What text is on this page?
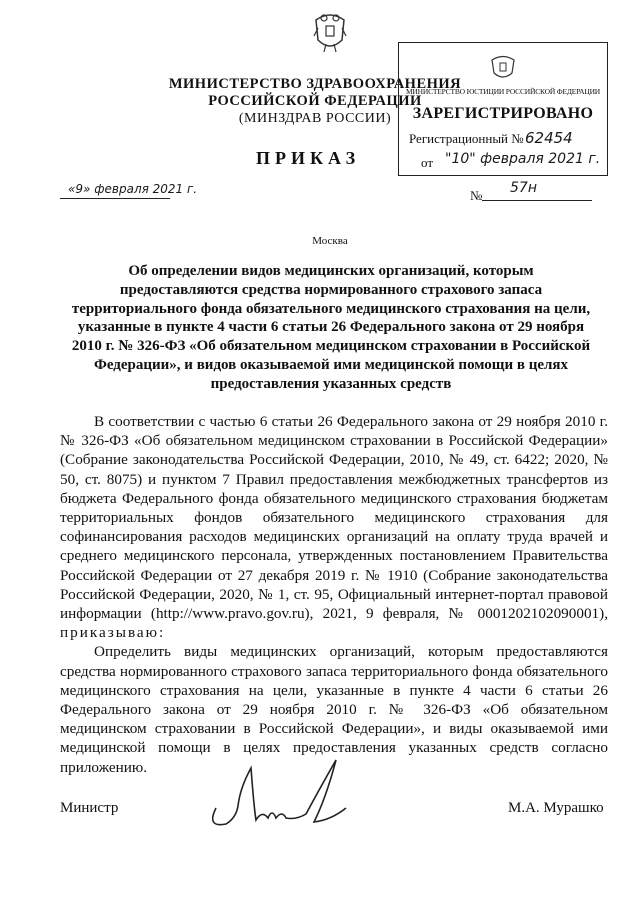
МИНИСТЕРСТВО ЗДРАВООХРАНЕНИЯ
РОССИЙСКОЙ ФЕДЕРАЦИИ
(МИНЗДРАВ РОССИИ)
МИНИСТЕРСТВО ЮСТИЦИИ РОССИЙСКОЙ ФЕДЕРАЦИИ
ЗАРЕГИСТРИРОВАНО
Регистрационный № 62454
от "10" февраля 2021 г.
ПРИКАЗ
«9» февраля 2021 г.	№ 57н
Москва
Об определении видов медицинских организаций, которым предоставляются средства нормированного страхового запаса территориального фонда обязательного медицинского страхования на цели, указанные в пункте 4 части 6 статьи 26 Федерального закона от 29 ноября 2010 г. № 326-ФЗ «Об обязательном медицинском страховании в Российской Федерации», и видов оказываемой ими медицинской помощи в целях предоставления указанных средств

В соответствии с частью 6 статьи 26 Федерального закона от 29 ноября 2010 г. № 326-ФЗ «Об обязательном медицинском страховании в Российской Федерации» (Собрание законодательства Российской Федерации, 2010, № 49, ст. 6422; 2020, № 50, ст. 8075) и пунктом 7 Правил предоставления межбюджетных трансфертов из бюджета Федерального фонда обязательного медицинского страхования бюджетам территориальных фондов обязательного медицинского страхования для софинансирования расходов медицинских организаций на оплату труда врачей и среднего медицинского персонала, утвержденных постановлением Правительства Российской Федерации от 27 декабря 2019 г. № 1910 (Собрание законодательства Российской Федерации, 2020, № 1, ст. 95, Официальный интернет-портал правовой информации (http://www.pravo.gov.ru), 2021, 9 февраля, № 0001202102090001), приказываю:

Определить виды медицинских организаций, которым предоставляются средства нормированного страхового запаса территориального фонда обязательного медицинского страхования на цели, указанные в пункте 4 части 6 статьи 26 Федерального закона от 29 ноября 2010 г. № 326-ФЗ «Об обязательном медицинском страховании в Российской Федерации», и виды оказываемой ими медицинской помощи в целях предоставления указанных средств согласно приложению.

Министр	М.А. Мурашко
